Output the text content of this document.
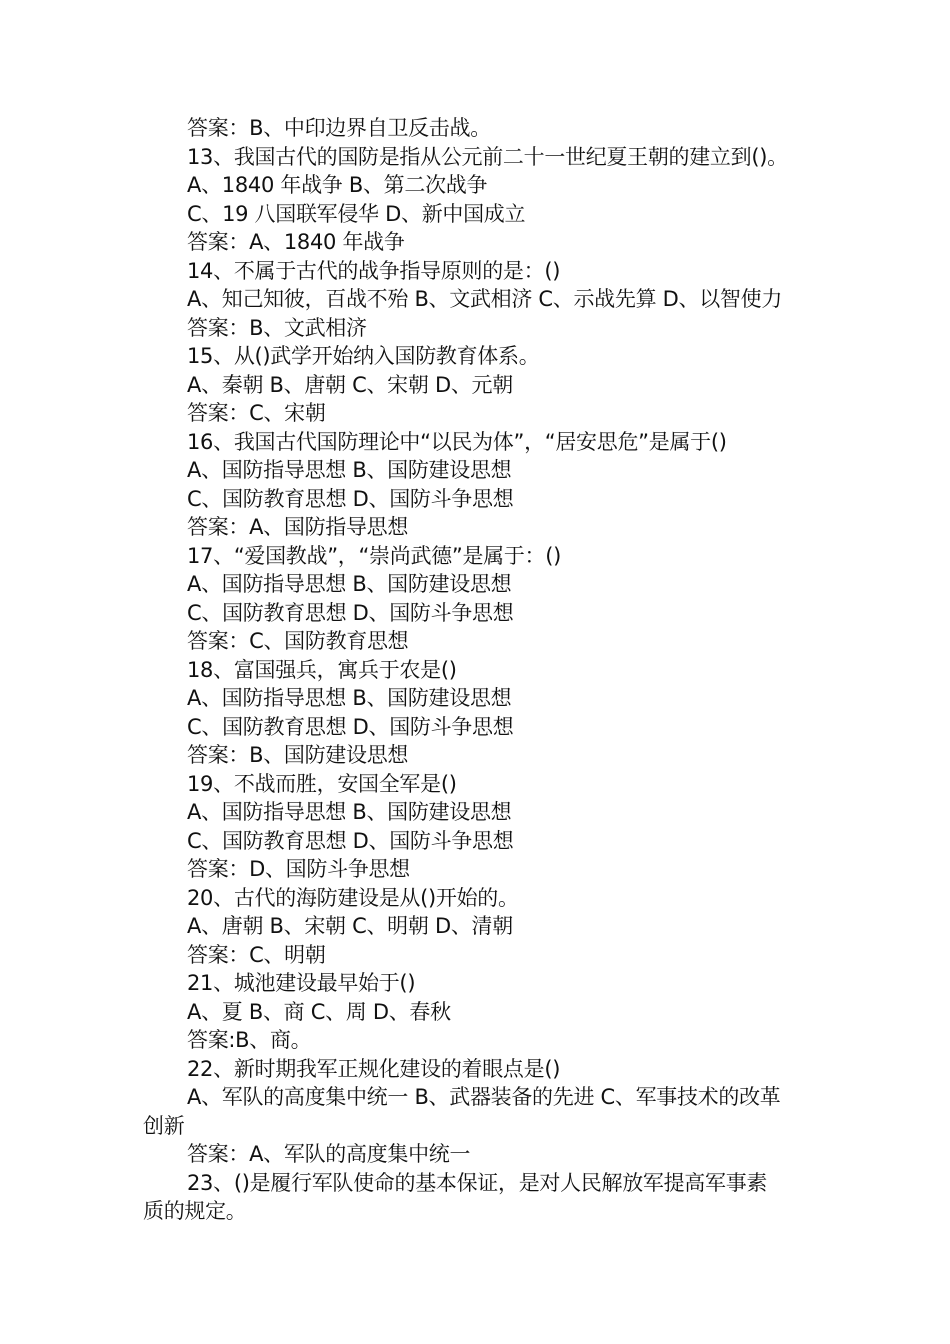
答案：B、中印边界自卫反击战。
13、我国古代的国防是指从公元前二十一世纪夏王朝的建立到()。
A、1840 年战争 B、第二次战争
C、19 八国联军侵华 D、新中国成立
答案：A、1840 年战争
14、不属于古代的战争指导原则的是：()
A、知己知彼，百战不殆 B、文武相济 C、示战先算 D、以智使力
答案：B、文武相济
15、从()武学开始纳入国防教育体系。
A、秦朝 B、唐朝 C、宋朝 D、元朝
答案：C、宋朝
16、我国古代国防理论中“以民为体”，“居安思危”是属于()
A、国防指导思想 B、国防建设思想
C、国防教育思想 D、国防斗争思想
答案：A、国防指导思想
17、“爱国教战”，“崇尚武德”是属于：()
A、国防指导思想 B、国防建设思想
C、国防教育思想 D、国防斗争思想
答案：C、国防教育思想
18、富国强兵，寓兵于农是()
A、国防指导思想 B、国防建设思想
C、国防教育思想 D、国防斗争思想
答案：B、国防建设思想
19、不战而胜，安国全军是()
A、国防指导思想 B、国防建设思想
C、国防教育思想 D、国防斗争思想
答案：D、国防斗争思想
20、古代的海防建设是从()开始的。
A、唐朝 B、宋朝 C、明朝 D、清朝
答案：C、明朝
21、城池建设最早始于()
A、夏 B、商 C、周 D、春秋
答案:B、商。
22、新时期我军正规化建设的着眼点是()
A、军队的高度集中统一 B、武器装备的先进 C、军事技术的改革
创新
答案：A、军队的高度集中统一
23、()是履行军队使命的基本保证，是对人民解放军提高军事素
质的规定。
